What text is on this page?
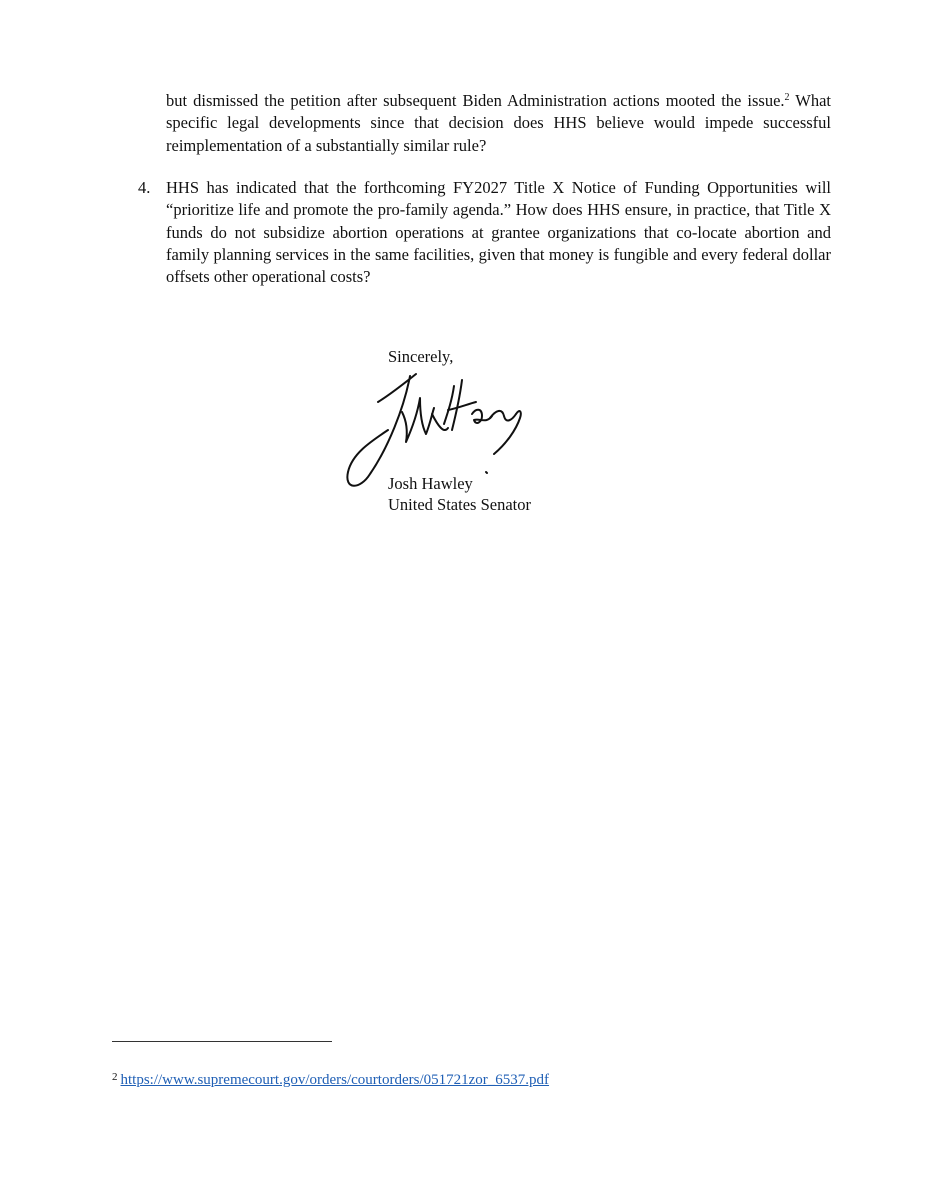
but dismissed the petition after subsequent Biden Administration actions mooted the issue.$^2$ What specific legal developments since that decision does HHS believe would impede successful reimplementation of a substantially similar rule?

4. HHS has indicated that the forthcoming FY2027 Title X Notice of Funding Opportunities will “prioritize life and promote the pro-family agenda.” How does HHS ensure, in practice, that Title X funds do not subsidize abortion operations at grantee organizations that co-locate abortion and family planning services in the same facilities, given that money is fungible and every federal dollar offsets other operational costs?

Sincerely,
Josh Hawley
United States Senator
$^2$ https://www.supremecourt.gov/orders/courtorders/051721zor_6537.pdf
